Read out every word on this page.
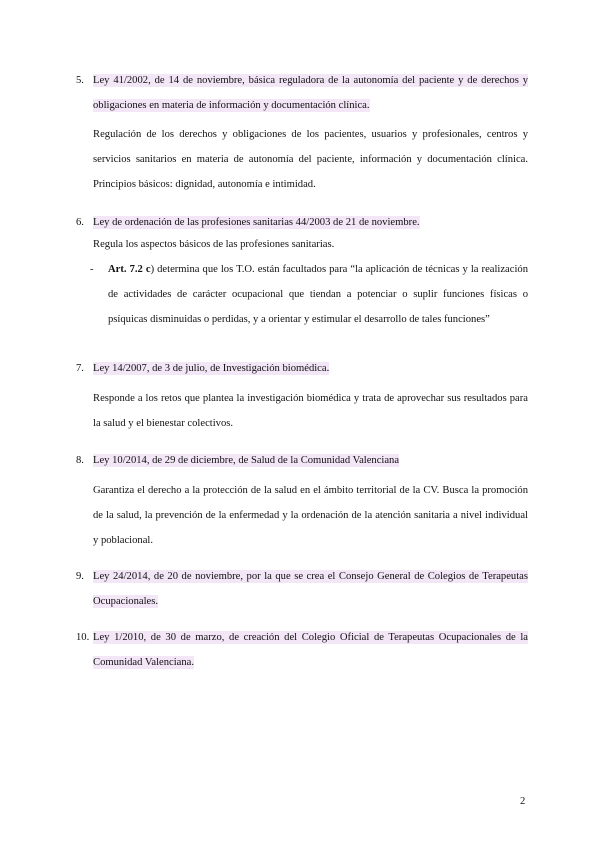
5. Ley 41/2002, de 14 de noviembre, básica reguladora de la autonomía del paciente y de derechos y obligaciones en materia de información y documentación clínica.
Regulación de los derechos y obligaciones de los pacientes, usuarios y profesionales, centros y servicios sanitarios en materia de autonomía del paciente, información y documentación clínica. Principios básicos: dignidad, autonomía e intimidad.
6. Ley de ordenación de las profesiones sanitarias 44/2003 de 21 de noviembre.
Regula los aspectos básicos de las profesiones sanitarias.
- Art. 7.2 c) determina que los T.O. están facultados para “la aplicación de técnicas y la realización de actividades de carácter ocupacional que tiendan a potenciar o suplir funciones físicas o psíquicas disminuidas o perdidas, y a orientar y estimular el desarrollo de tales funciones”
7. Ley 14/2007, de 3 de julio, de Investigación biomédica.
Responde a los retos que plantea la investigación biomédica y trata de aprovechar sus resultados para la salud y el bienestar colectivos.
8. Ley 10/2014, de 29 de diciembre, de Salud de la Comunidad Valenciana
Garantiza el derecho a la protección de la salud en el ámbito territorial de la CV. Busca la promoción de la salud, la prevención de la enfermedad y la ordenación de la atención sanitaria a nivel individual y poblacional.
9. Ley 24/2014, de 20 de noviembre, por la que se crea el Consejo General de Colegios de Terapeutas Ocupacionales.
10. Ley 1/2010, de 30 de marzo, de creación del Colegio Oficial de Terapeutas Ocupacionales de la Comunidad Valenciana.
2
